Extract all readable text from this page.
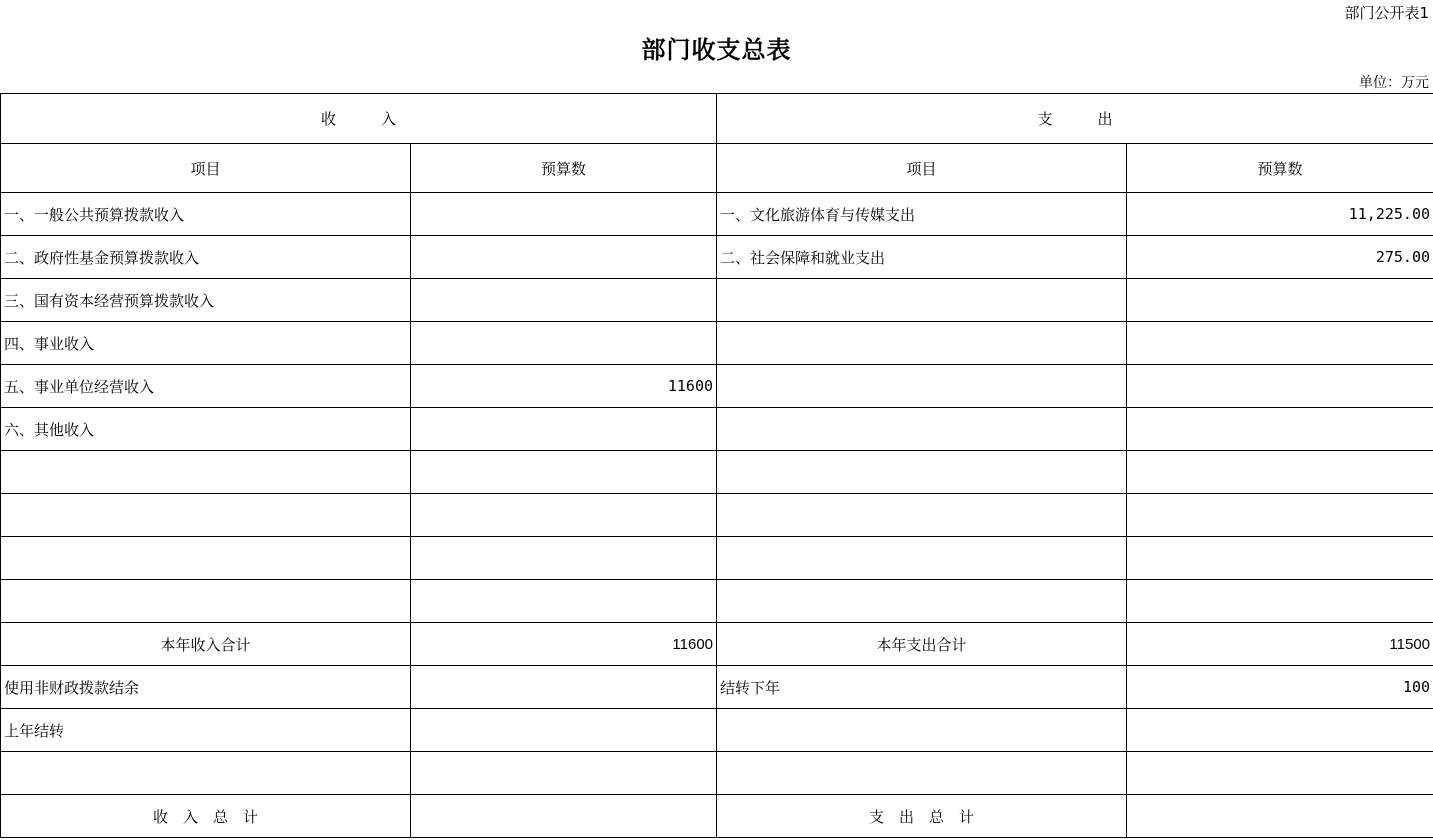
部门公开表1
部门收支总表
单位：万元
收　　　入		支　　　出	
项目	预算数	项目	预算数
一、一般公共预算拨款收入		一、文化旅游体育与传媒支出	11,225.00
二、政府性基金预算拨款收入		二、社会保障和就业支出	275.00
三、国有资本经营预算拨款收入			
四、事业收入			
五、事业单位经营收入	11600		
六、其他收入			

本年收入合计	11600	本年支出合计	11500
使用非财政拨款结余		结转下年	100
上年结转			

收　入　总　计		支　出　总　计	
